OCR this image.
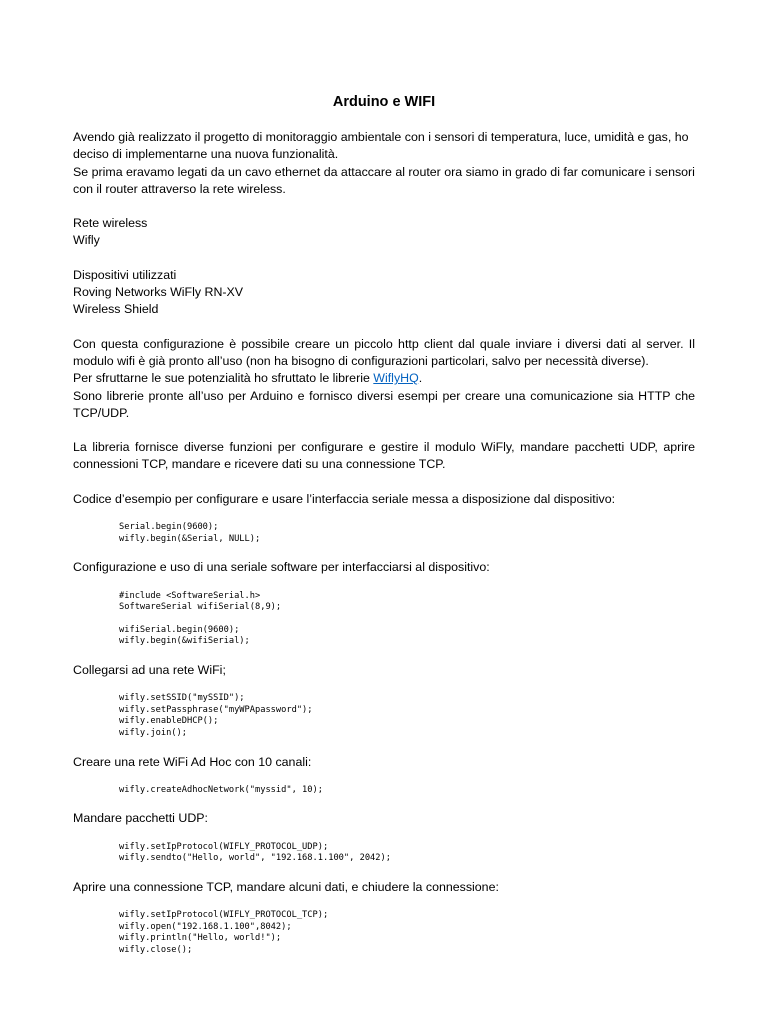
Arduino e WIFI

Avendo già realizzato il progetto di monitoraggio ambientale con i sensori di temperatura, luce, umidità e gas, ho deciso di implementarne una nuova funzionalità.

Se prima eravamo legati da un cavo ethernet da attaccare al router ora siamo in grado di far comunicare i sensori con il router attraverso la rete wireless.

Rete wireless

Wifly

Dispositivi utilizzati

Roving Networks WiFly RN-XV

Wireless Shield

Con questa configurazione è possibile creare un piccolo http client dal quale inviare i diversi dati al server. Il modulo wifi è già pronto all’uso (non ha bisogno di configurazioni particolari, salvo per necessità diverse).

Per sfruttarne le sue potenzialità ho sfruttato le librerie WiflyHQ.

Sono librerie pronte all’uso per Arduino e fornisco diversi esempi per creare una comunicazione sia HTTP che TCP/UDP.

La libreria fornisce diverse funzioni per configurare e gestire il modulo WiFly, mandare pacchetti UDP, aprire connessioni TCP, mandare e ricevere dati su una connessione TCP.

Codice d’esempio per configurare e usare l’interfaccia seriale messa a disposizione dal dispositivo:

Serial.begin(9600);
wifly.begin(&Serial, NULL);

Configurazione e uso di una seriale software per interfacciarsi al dispositivo:

#include <SoftwareSerial.h>
SoftwareSerial wifiSerial(8,9);
wifiSerial.begin(9600);
wifly.begin(&wifiSerial);

Collegarsi ad una rete WiFi;

wifly.setSSID("mySSID");
wifly.setPassphrase("myWPApassword");
wifly.enableDHCP();
wifly.join();

Creare una rete WiFi Ad Hoc con 10 canali:

wifly.createAdhocNetwork("myssid", 10);

Mandare pacchetti UDP:

wifly.setIpProtocol(WIFLY_PROTOCOL_UDP);
wifly.sendto("Hello, world", "192.168.1.100", 2042);

Aprire una connessione TCP, mandare alcuni dati, e chiudere la connessione:

wifly.setIpProtocol(WIFLY_PROTOCOL_TCP);
wifly.open("192.168.1.100",8042);
wifly.println("Hello, world!");
wifly.close();
